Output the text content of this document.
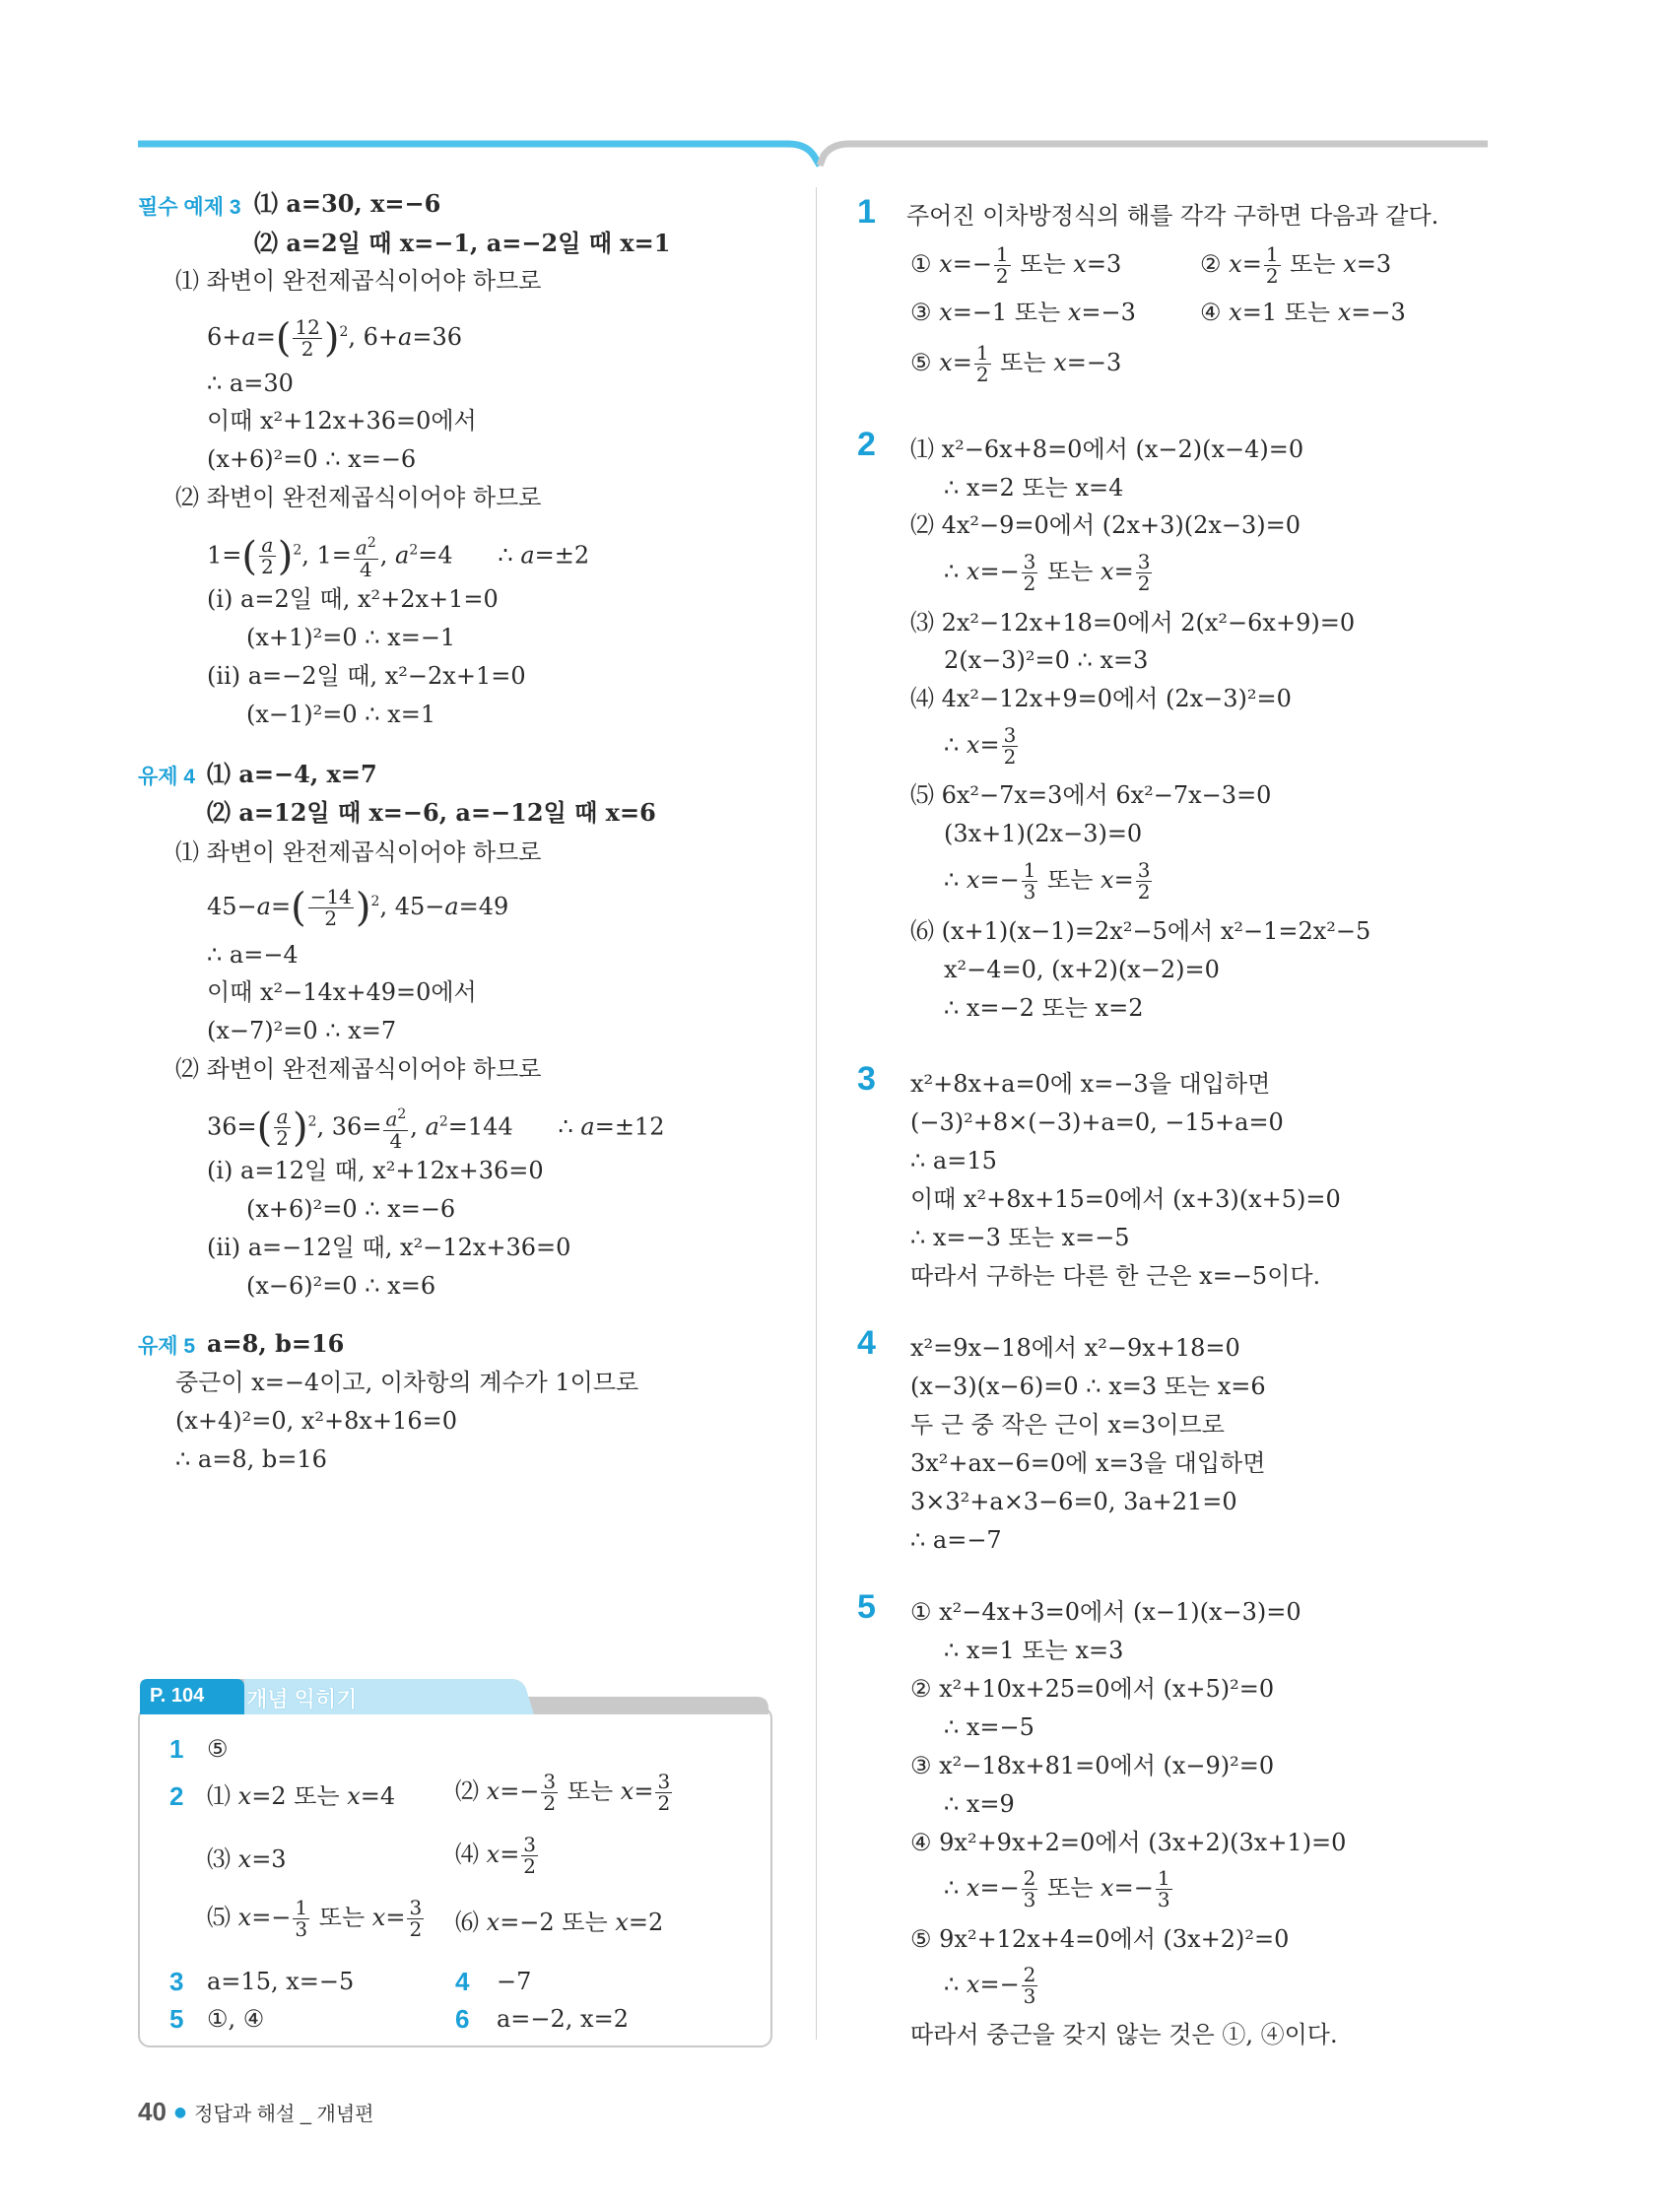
필수 예제 3 ⑴ a=30, x=−6
⑵ a=2일 때 x=−1, a=−2일 때 x=1
⑴ 좌변이 완전제곱식이어야 하므로
$6+a=( \frac{12}{2} )^2$, 6+a=36
∴ a=30
이때 x²+12x+36=0에서
(x+6)²=0 ∴ x=−6
⑵ 좌변이 완전제곱식이어야 하므로
$1=( \frac{a}{2} )^2$, $1= \frac{a^2}{4}$ , $a^2=4$      ∴ a=±2
(ⅰ) a=2일 때, x²+2x+1=0
(x+1)²=0 ∴ x=−1
(ⅱ) a=−2일 때, x²−2x+1=0
(x−1)²=0 ∴ x=1
유제 4 ⑴ a=−4, x=7
⑵ a=12일 때 x=−6, a=−12일 때 x=6
⑴ 좌변이 완전제곱식이어야 하므로
$45-a=( \frac{-14}{2} )^2$, 45−a=49
∴ a=−4
이때 x²−14x+49=0에서
(x−7)²=0 ∴ x=7
⑵ 좌변이 완전제곱식이어야 하므로
$36=( \frac{a}{2} )^2$, $36= \frac{a^2}{4}$ , $a^2=144$      ∴ a=±12
(ⅰ) a=12일 때, x²+12x+36=0
(x+6)²=0 ∴ x=−6
(ⅱ) a=−12일 때, x²−12x+36=0
(x−6)²=0 ∴ x=6
유제 5 a=8, b=16
중근이 x=−4이고, 이차항의 계수가 1이므로
(x+4)²=0, x²+8x+16=0
∴ a=8, b=16
P. 104 개념 익히기
1 ⑤
2 ⑴ x=2 또는 x=4	⑵ $x=- \frac{3}{2}$ 또는 $x= \frac{3}{2}$
⑶ x=3	⑷ $x= \frac{3}{2}$
⑸ $x=- \frac{1}{3}$ 또는 $x= \frac{3}{2}$ ⑹ x=−2 또는 x=2
3 a=15, x=−5	4 −7
5 ①, ④	6 a=−2, x=2
1 주어진 이차방정식의 해를 각각 구하면 다음과 같다.
① $x=- \frac{1}{2}$ 또는 x=3	② $x= \frac{1}{2}$ 또는 x=3
③ x=−1 또는 x=−3	④ x=1 또는 x=−3
⑤ $x= \frac{1}{2}$ 또는 x=−3
2 ⑴ x²−6x+8=0에서 (x−2)(x−4)=0
∴ x=2 또는 x=4
⑵ 4x²−9=0에서 (2x+3)(2x−3)=0
∴ $x=- \frac{3}{2}$ 또는 $x= \frac{3}{2}$
⑶ 2x²−12x+18=0에서 2(x²−6x+9)=0
2(x−3)²=0 ∴ x=3
⑷ 4x²−12x+9=0에서 (2x−3)²=0
∴ $x= \frac{3}{2}$
⑸ 6x²−7x=3에서 6x²−7x−3=0
(3x+1)(2x−3)=0
∴ $x=- \frac{1}{3}$ 또는 $x= \frac{3}{2}$
⑹ (x+1)(x−1)=2x²−5에서 x²−1=2x²−5
x²−4=0, (x+2)(x−2)=0
∴ x=−2 또는 x=2
3 x²+8x+a=0에 x=−3을 대입하면
(−3)²+8×(−3)+a=0, −15+a=0
∴ a=15
이때 x²+8x+15=0에서 (x+3)(x+5)=0
∴ x=−3 또는 x=−5
따라서 구하는 다른 한 근은 x=−5이다.
4 x²=9x−18에서 x²−9x+18=0
(x−3)(x−6)=0 ∴ x=3 또는 x=6
두 근 중 작은 근이 x=3이므로
3x²+ax−6=0에 x=3을 대입하면
3×3²+a×3−6=0, 3a+21=0
∴ a=−7
5 ① x²−4x+3=0에서 (x−1)(x−3)=0
∴ x=1 또는 x=3
② x²+10x+25=0에서 (x+5)²=0
∴ x=−5
③ x²−18x+81=0에서 (x−9)²=0
∴ x=9
④ 9x²+9x+2=0에서 (3x+2)(3x+1)=0
∴ $x=- \frac{2}{3}$ 또는 $x=- \frac{1}{3}$
⑤ 9x²+12x+4=0에서 (3x+2)²=0
∴ $x=- \frac{2}{3}$
따라서 중근을 갖지 않는 것은 ①, ④이다.
40 ● 정답과 해설 _ 개념편
